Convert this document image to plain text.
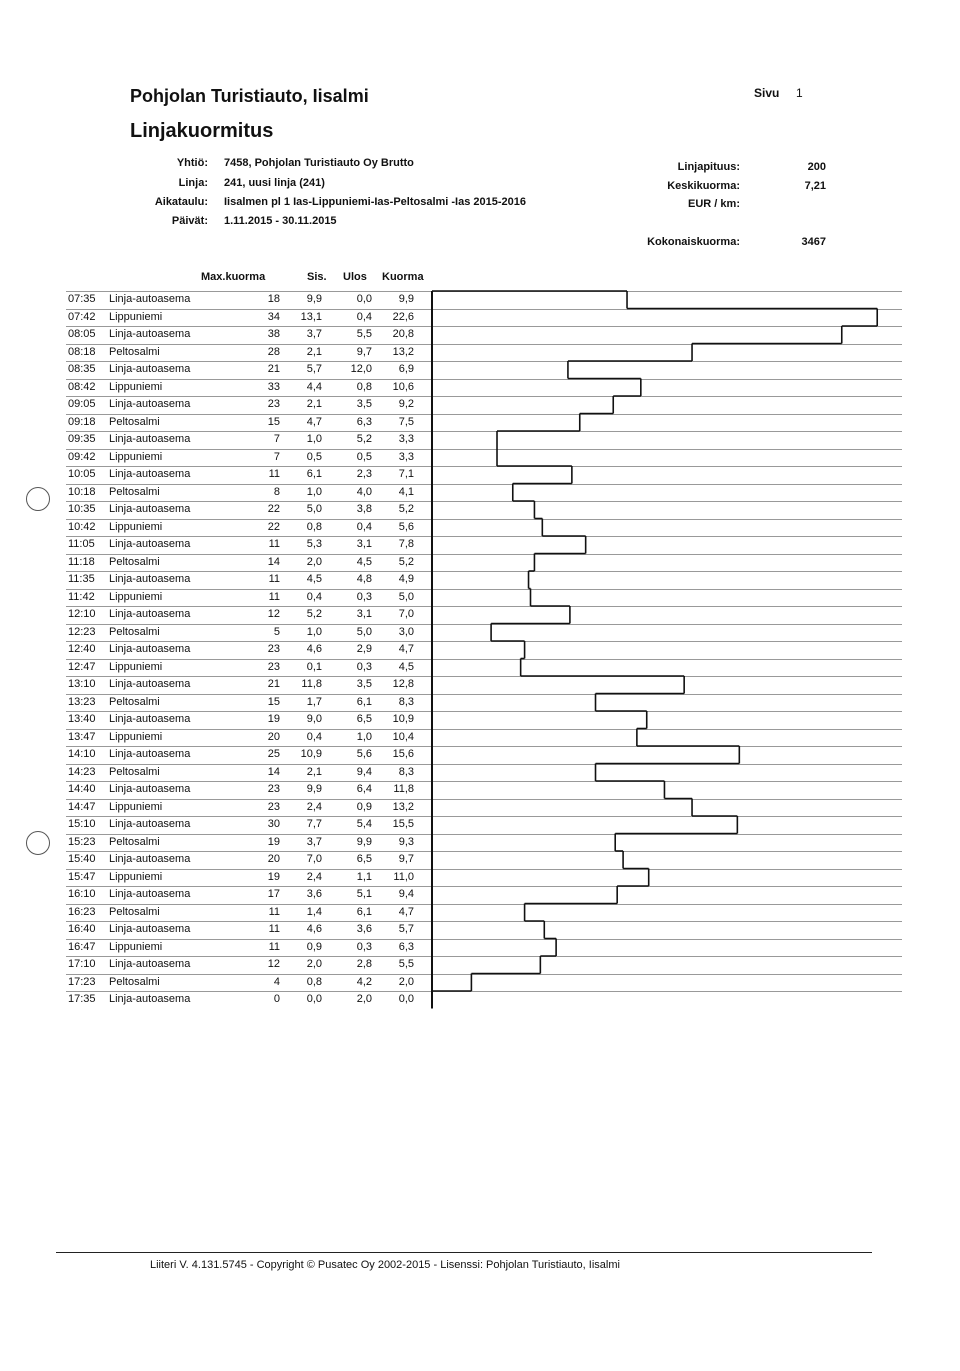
Pohjolan Turistiauto, Iisalmi
Linjakuormitus
Sivu 1
Yhtiö: 7458, Pohjolan Turistiauto Oy Brutto
Linja: 241, uusi linja (241)
Aikataulu: Iisalmen pl 1 Ias-Lippuniemi-Ias-Peltosalmi -Ias 2015-2016
Päivät: 1.11.2015 - 30.11.2015
Linjapituus:	200
Keskikuorma:	7,21
EUR / km:
Kokonaiskuorma:	3467
Max.kuorma	Sis. Ulos Kuorma
07:35 Linja-autoasema	18	9,9	0,0	9,9
07:42 Lippuniemi	34	13,1	0,4	22,6
08:05 Linja-autoasema	38	3,7	5,5	20,8
08:18 Peltosalmi	28	2,1	9,7	13,2
08:35 Linja-autoasema	21	5,7	12,0	6,9
08:42 Lippuniemi	33	4,4	0,8	10,6
09:05 Linja-autoasema	23	2,1	3,5	9,2
09:18 Peltosalmi	15	4,7	6,3	7,5
09:35 Linja-autoasema	7	1,0	5,2	3,3
09:42 Lippuniemi	7	0,5	0,5	3,3
10:05 Linja-autoasema	11	6,1	2,3	7,1
10:18 Peltosalmi	8	1,0	4,0	4,1
10:35 Linja-autoasema	22	5,0	3,8	5,2
10:42 Lippuniemi	22	0,8	0,4	5,6
11:05 Linja-autoasema	11	5,3	3,1	7,8
11:18 Peltosalmi	14	2,0	4,5	5,2
11:35 Linja-autoasema	11	4,5	4,8	4,9
11:42 Lippuniemi	11	0,4	0,3	5,0
12:10 Linja-autoasema	12	5,2	3,1	7,0
12:23 Peltosalmi	5	1,0	5,0	3,0
12:40 Linja-autoasema	23	4,6	2,9	4,7
12:47 Lippuniemi	23	0,1	0,3	4,5
13:10 Linja-autoasema	21	11,8	3,5	12,8
13:23 Peltosalmi	15	1,7	6,1	8,3
13:40 Linja-autoasema	19	9,0	6,5	10,9
13:47 Lippuniemi	20	0,4	1,0	10,4
14:10 Linja-autoasema	25	10,9	5,6	15,6
14:23 Peltosalmi	14	2,1	9,4	8,3
14:40 Linja-autoasema	23	9,9	6,4	11,8
14:47 Lippuniemi	23	2,4	0,9	13,2
15:10 Linja-autoasema	30	7,7	5,4	15,5
15:23 Peltosalmi	19	3,7	9,9	9,3
15:40 Linja-autoasema	20	7,0	6,5	9,7
15:47 Lippuniemi	19	2,4	1,1	11,0
16:10 Linja-autoasema	17	3,6	5,1	9,4
16:23 Peltosalmi	11	1,4	6,1	4,7
16:40 Linja-autoasema	11	4,6	3,6	5,7
16:47 Lippuniemi	11	0,9	0,3	6,3
17:10 Linja-autoasema	12	2,0	2,8	5,5
17:23 Peltosalmi	4	0,8	4,2	2,0
17:35 Linja-autoasema	0	0,0	2,0	0,0
Liiteri V. 4.131.5745 - Copyright © Pusatec Oy 2002-2015 - Lisenssi: Pohjolan Turistiauto, Iisalmi
